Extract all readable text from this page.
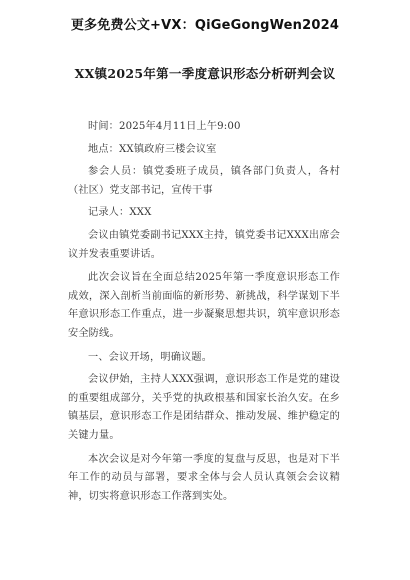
更多免费公文+VX：QiGeGongWen2024
XX镇2025年第一季度意识形态分析研判会议

时间：2025年4月11日上午9:00

地点：XX镇政府三楼会议室

参会人员：镇党委班子成员，镇各部门负责人，各村（社区）党支部书记，宣传干事

记录人：XXX

会议由镇党委副书记XXX主持，镇党委书记XXX出席会议并发表重要讲话。

此次会议旨在全面总结2025年第一季度意识形态工作成效，深入剖析当前面临的新形势、新挑战，科学谋划下半年意识形态工作重点，进一步凝聚思想共识，筑牢意识形态安全防线。

一、会议开场，明确议题。

会议伊始，主持人XXX强调，意识形态工作是党的建设的重要组成部分，关乎党的执政根基和国家长治久安。在乡镇基层，意识形态工作是团结群众、推动发展、维护稳定的关键力量。

本次会议是对今年第一季度的复盘与反思，也是对下半年工作的动员与部署，要求全体与会人员认真领会会议精神，切实将意识形态工作落到实处。
